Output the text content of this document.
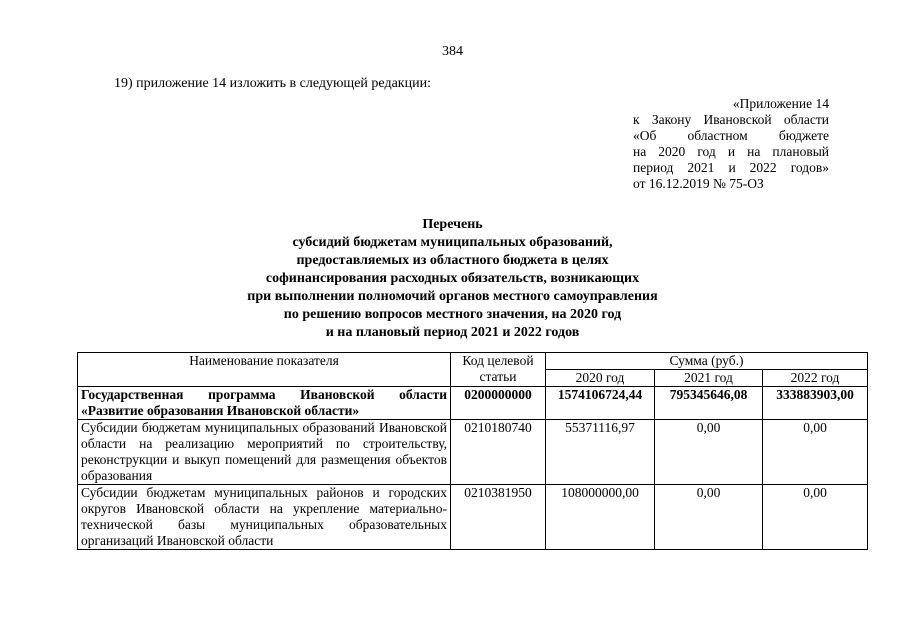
384
19) приложение 14 изложить в следующей редакции:
«Приложение 14
к Закону Ивановской области
«Об областном бюджете
на 2020 год и на плановый
период 2021 и 2022 годов»
от 16.12.2019 № 75-ОЗ
Перечень
субсидий бюджетам муниципальных образований,
предоставляемых из областного бюджета в целях
софинансирования расходных обязательств, возникающих
при выполнении полномочий органов местного самоуправления
по решению вопросов местного значения, на 2020 год
и на плановый период 2021 и 2022 годов
Наименование показателя	Код целевой статьи	Сумма (руб.)		
		2020 год	2021 год	2022 год
Государственная программа Ивановской области «Развитие образования Ивановской области»	0200000000	1574106724,44	795345646,08	333883903,00
Субсидии бюджетам муниципальных образований Ивановской области на реализацию мероприятий по строительству, реконструкции и выкуп помещений для размещения объектов образования	0210180740	55371116,97	0,00	0,00
Субсидии бюджетам муниципальных районов и городских округов Ивановской области на укрепление материально-технической базы муниципальных образовательных организаций Ивановской области	0210381950	108000000,00	0,00	0,00
